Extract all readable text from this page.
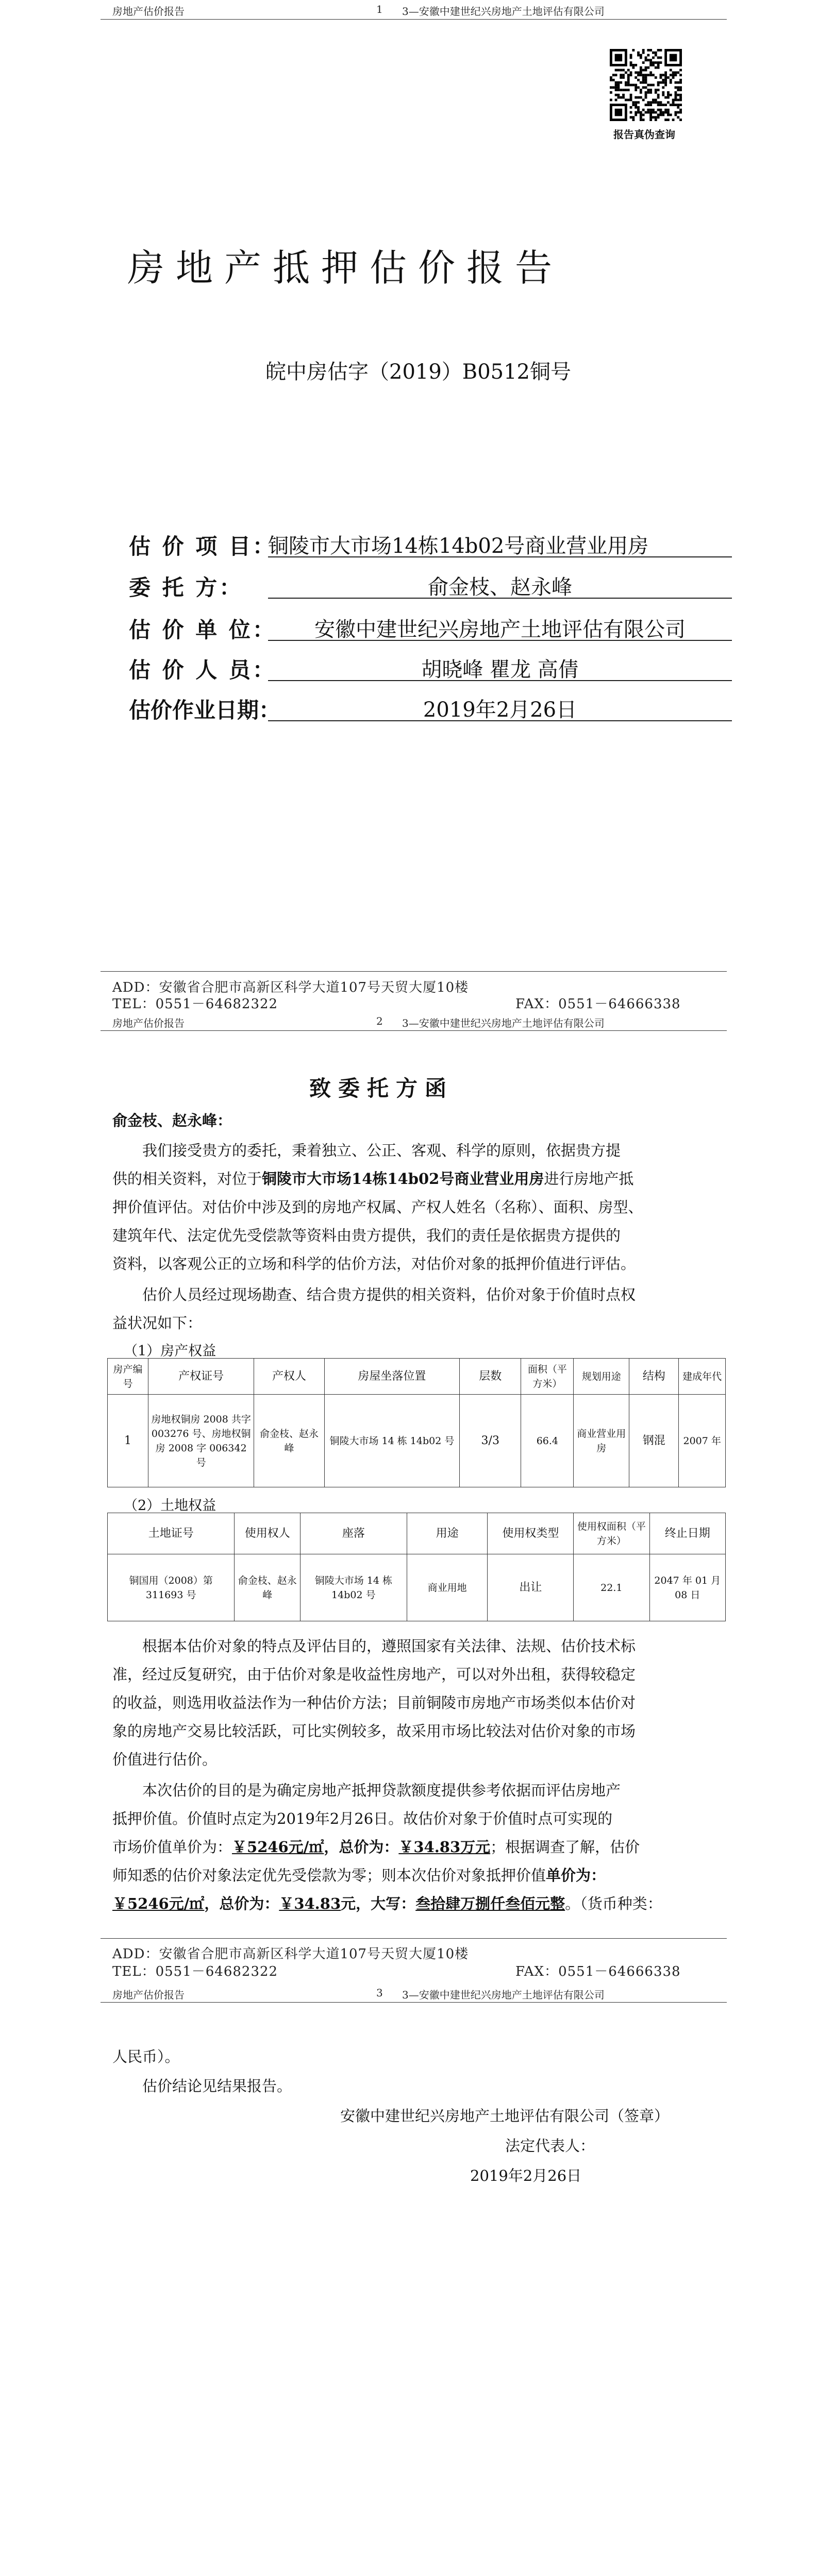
房地产估价报告	1 3—安徽中建世纪兴房地产土地评估有限公司
报告真伪查询
房地产抵押估价报告
皖中房估字（2019）B0512铜号
估 价 项 目：
铜陵市大市场14栋14b02号商业营业用房
委 托 方：	俞金枝、赵永峰
估 价 单 位：	安徽中建世纪兴房地产土地评估有限公司
估 价 人 员：	胡晓峰 瞿龙 高倩
估价作业日期：	2019年2月26日
ADD：安徽省合肥市高新区科学大道107号天贸大厦10楼
TEL：0551－64682322	FAX：0551－64666338
房地产估价报告	2 3—安徽中建世纪兴房地产土地评估有限公司
致委托方函
俞金枝、赵永峰：
我们接受贵方的委托，秉着独立、公正、客观、科学的原则，依据贵方提
供的相关资料，对位于铜陵市大市场14栋14b02号商业营业用房进行房地产抵
押价值评估。对估价中涉及到的房地产权属、产权人姓名（名称）、面积、房型、
建筑年代、法定优先受偿款等资料由贵方提供，我们的责任是依据贵方提供的
资料，以客观公正的立场和科学的估价方法，对估价对象的抵押价值进行评估。
估价人员经过现场勘查、结合贵方提供的相关资料，估价对象于价值时点权
益状况如下：
（1）房产权益
房产编号	产权证号	产权人	房屋坐落位置	层数	面积（平方米）	规划用途	结构	建成年代
1	房地权铜房 2008 共字 003276 号、房地权铜房 2008 字 006342 号	俞金枝、赵永峰	铜陵大市场 14 栋 14b02 号	3/3	66.4	商业营业用房	钢混	2007 年
（2）土地权益
土地证号	使用权人	座落	用途	使用权类型	使用权面积（平方米）	终止日期
铜国用（2008）第 311693 号	俞金枝、赵永峰	铜陵大市场 14 栋 14b02 号	商业用地	出让	22.1	2047 年 01 月 08 日
根据本估价对象的特点及评估目的，遵照国家有关法律、法规、估价技术标
准，经过反复研究，由于估价对象是收益性房地产，可以对外出租，获得较稳定
的收益，则选用收益法作为一种估价方法；目前铜陵市房地产市场类似本估价对
象的房地产交易比较活跃，可比实例较多，故采用市场比较法对估价对象的市场
价值进行估价。
本次估价的目的是为确定房地产抵押贷款额度提供参考依据而评估房地产
抵押价值。价值时点定为2019年2月26日。故估价对象于价值时点可实现的
市场价值单价为：￥5246元/㎡，总价为：￥34.83万元；根据调查了解，估价
师知悉的估价对象法定优先受偿款为零；则本次估价对象抵押价值单价为：
￥5246元/㎡，总价为：￥34.83元，大写：叁拾肆万捌仟叁佰元整。（货币种类：
ADD：安徽省合肥市高新区科学大道107号天贸大厦10楼
TEL：0551－64682322	FAX：0551－64666338
房地产估价报告	3 3—安徽中建世纪兴房地产土地评估有限公司
人民币）。
估价结论见结果报告。
安徽中建世纪兴房地产土地评估有限公司（签章）
法定代表人：
2019年2月26日
